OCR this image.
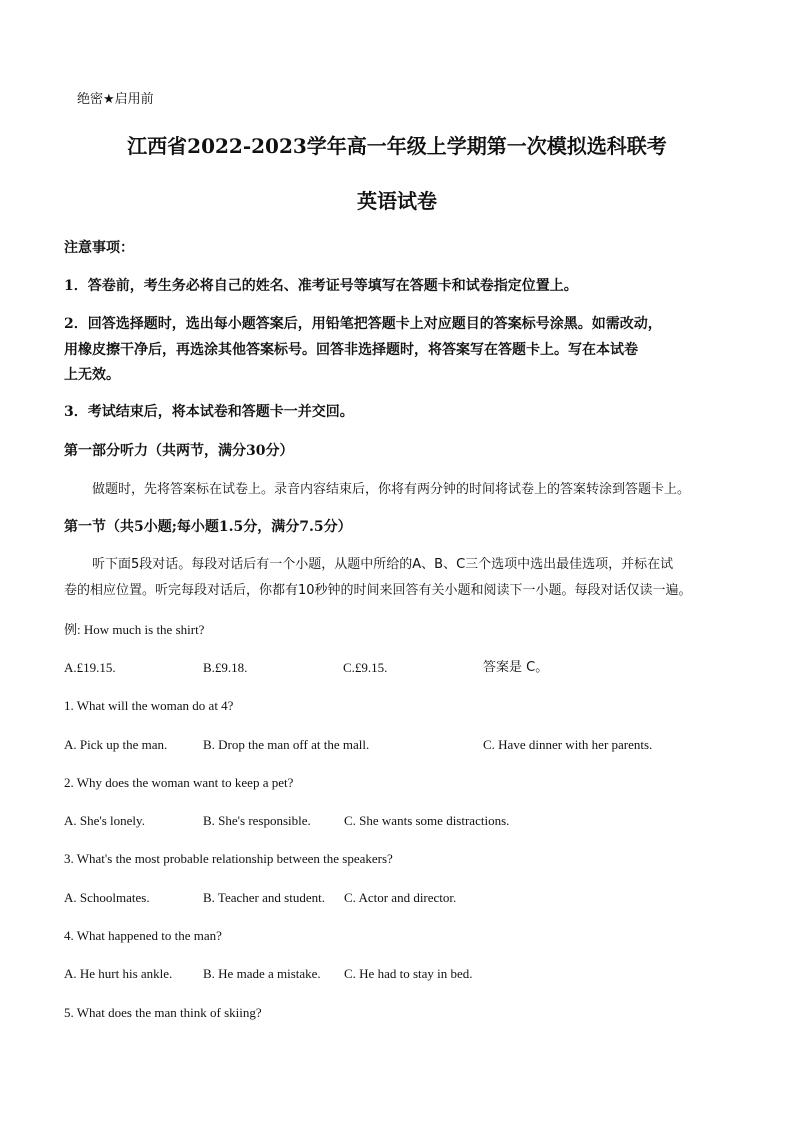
绝密★启用前
江西省2022-2023学年高一年级上学期第一次模拟选科联考
英语试卷
注意事项：
1．答卷前，考生务必将自己的姓名、准考证号等填写在答题卡和试卷指定位置上。
2．回答选择题时，选出每小题答案后，用铅笔把答题卡上对应题目的答案标号涂黑。如需改动，
用橡皮擦干净后，再选涂其他答案标号。回答非选择题时，将答案写在答题卡上。写在本试卷
上无效。
3．考试结束后，将本试卷和答题卡一并交回。
第一部分听力（共两节，满分30分）
做题时，先将答案标在试卷上。录音内容结束后，你将有两分钟的时间将试卷上的答案转涂到答题卡上。
第一节（共5小题;每小题1.5分，满分7.5分）
听下面5段对话。每段对话后有一个小题，从题中所给的A、B、C三个选项中选出最佳选项，并标在试
卷的相应位置。听完每段对话后，你都有10秒钟的时间来回答有关小题和阅读下一小题。每段对话仅读一遍。
例: How much is the shirt?
A.£19.15.	B.£9.18.	C.£9.15.	答案是 C。
1. What will the woman do at 4?
A. Pick up the man.	B. Drop the man off at the mall.	C. Have dinner with her parents.
2. Why does the woman want to keep a pet?
A. She's lonely.	B. She's responsible.	C. She wants some distractions.
3. What's the most probable relationship between the speakers?
A. Schoolmates.	B. Teacher and student. C. Actor and director.
4. What happened to the man?
A. He hurt his ankle. B. He made a mistake. C. He had to stay in bed.
5. What does the man think of skiing?
